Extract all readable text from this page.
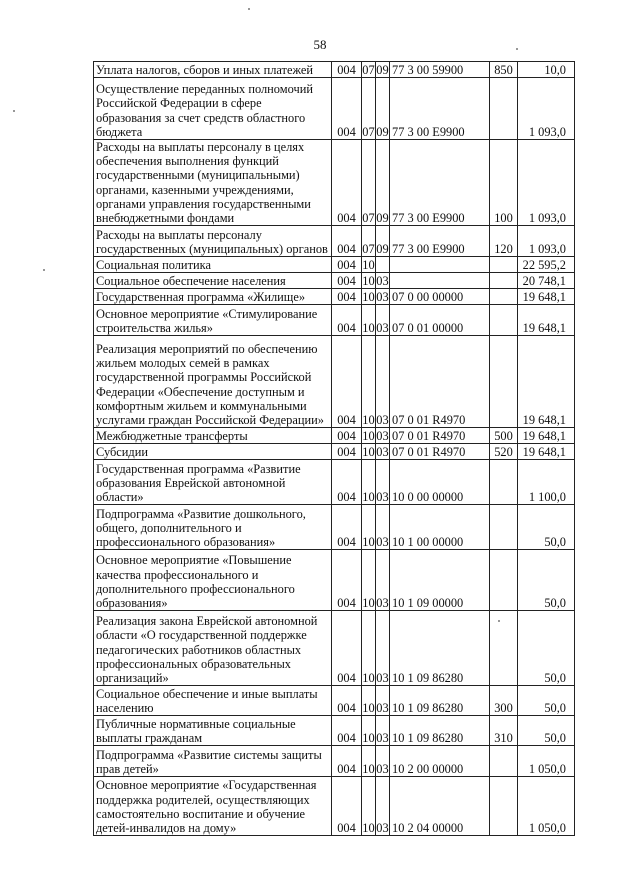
58
Уплата налогов, сборов и иных платежей	004	07	09	77 3 00 59900	850	10,0
Осуществление переданных полномочий Российской Федерации в сфере образования за счет средств областного бюджета	004	07	09	77 3 00 Е9900		1 093,0
Расходы на выплаты персоналу в целях обеспечения выполнения функций государственными (муниципальными) органами, казенными учреждениями, органами управления государственными внебюджетными фондами	004	07	09	77 3 00 Е9900	100	1 093,0
Расходы на выплаты персоналу государственных (муниципальных) органов	004	07	09	77 3 00 Е9900	120	1 093,0
Социальная политика	004	10				22 595,2
Социальное обеспечение населения	004	10	03			20 748,1
Государственная программа «Жилище»	004	10	03	07 0 00 00000		19 648,1
Основное мероприятие «Стимулирование строительства жилья»	004	10	03	07 0 01 00000		19 648,1
Реализация мероприятий по обеспечению жильем молодых семей в рамках государственной программы Российской Федерации «Обеспечение доступным и комфортным жильем и коммунальными услугами граждан Российской Федерации»	004	10	03	07 0 01 R4970		19 648,1
Межбюджетные трансферты	004	10	03	07 0 01 R4970	500	19 648,1
Субсидии	004	10	03	07 0 01 R4970	520	19 648,1
Государственная программа «Развитие образования Еврейской автономной области»	004	10	03	10 0 00 00000		1 100,0
Подпрограмма «Развитие дошкольного, общего, дополнительного и профессионального образования»	004	10	03	10 1 00 00000		50,0
Основное мероприятие «Повышение качества профессионального и дополнительного профессионального образования»	004	10	03	10 1 09 00000		50,0
Реализация закона Еврейской автономной области «О государственной поддержке педагогических работников областных профессиональных образовательных организаций»	004	10	03	10 1 09 86280		50,0
Социальное обеспечение и иные выплаты населению	004	10	03	10 1 09 86280	300	50,0
Публичные нормативные социальные выплаты гражданам	004	10	03	10 1 09 86280	310	50,0
Подпрограмма «Развитие системы защиты прав детей»	004	10	03	10 2 00 00000		1 050,0
Основное мероприятие «Государственная поддержка родителей, осуществляющих самостоятельно воспитание и обучение детей-инвалидов на дому»	004	10	03	10 2 04 00000		1 050,0
